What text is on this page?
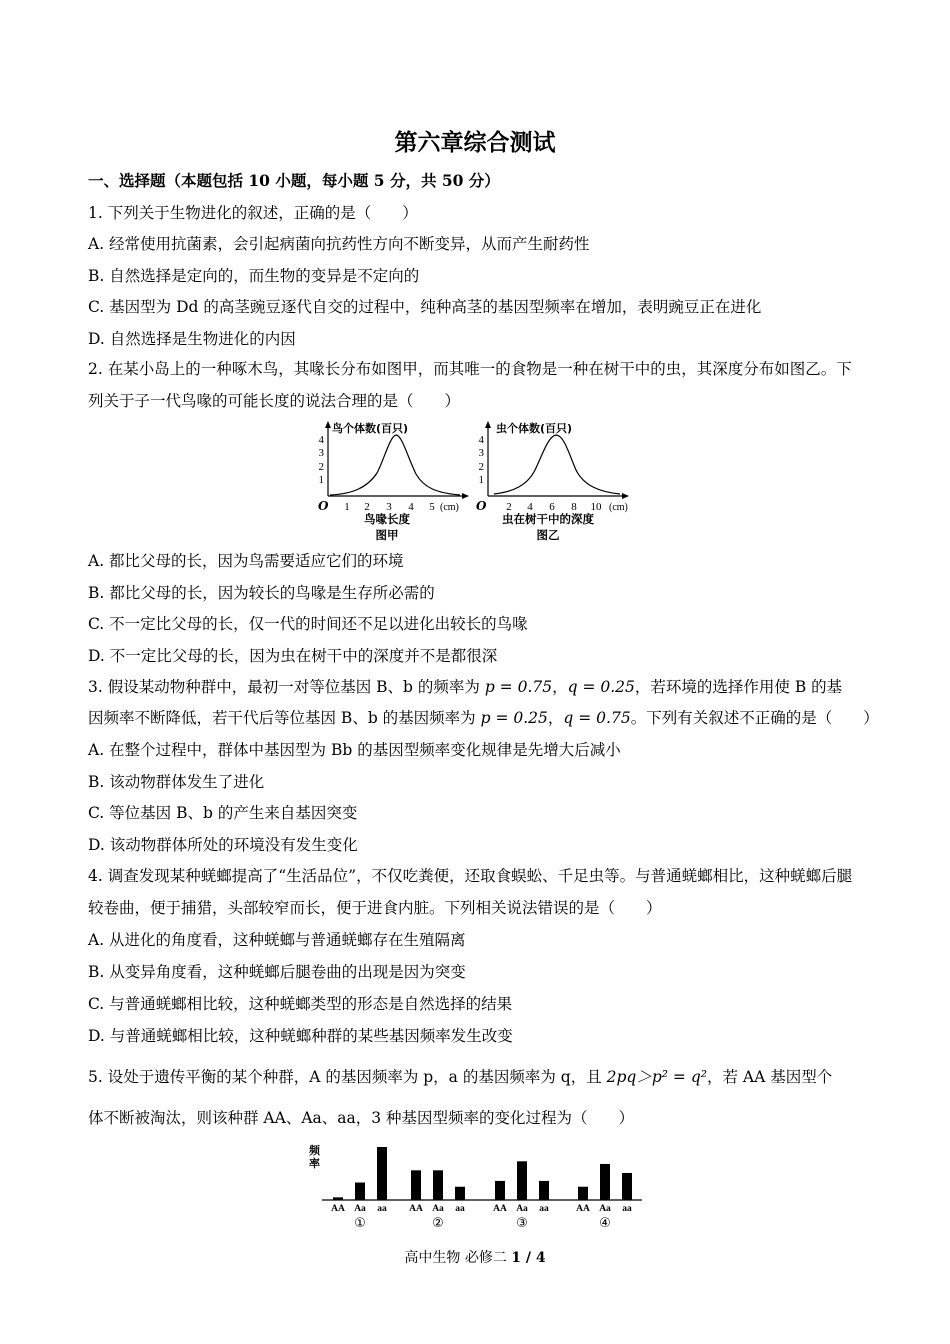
第六章综合测试
一、选择题（本题包括 10 小题，每小题 5 分，共 50 分）
1. 下列关于生物进化的叙述，正确的是（　　）
A. 经常使用抗菌素，会引起病菌向抗药性方向不断变异，从而产生耐药性
B. 自然选择是定向的，而生物的变异是不定向的
C. 基因型为 Dd 的高茎豌豆逐代自交的过程中，纯种高茎的基因型频率在增加，表明豌豆正在进化
D. 自然选择是生物进化的内因
2. 在某小岛上的一种啄木鸟，其喙长分布如图甲，而其唯一的食物是一种在树干中的虫，其深度分布如图乙。下列关于子一代鸟喙的可能长度的说法合理的是（　　）
鸟个体数(百只)
1
2
3
4
O 1 2 3 4 5 (cm)
鸟喙长度
图甲
虫个体数(百只)
1
2
3
4
O 2 4 6 8 10 (cm)
虫在树干中的深度
图乙
A. 都比父母的长，因为鸟需要适应它们的环境
B. 都比父母的长，因为较长的鸟喙是生存所必需的
C. 不一定比父母的长，仅一代的时间还不足以进化出较长的鸟喙
D. 不一定比父母的长，因为虫在树干中的深度并不是都很深
3. 假设某动物种群中，最初一对等位基因 B、b 的频率为 p = 0.75，q = 0.25，若环境的选择作用使 B 的基
因频率不断降低，若干代后等位基因 B、b 的基因频率为 p = 0.25，q = 0.75。下列有关叙述不正确的是（　　）
A. 在整个过程中，群体中基因型为 Bb 的基因型频率变化规律是先增大后减小
B. 该动物群体发生了进化
C. 等位基因 B、b 的产生来自基因突变
D. 该动物群体所处的环境没有发生变化
4. 调查发现某种蜣螂提高了“生活品位”，不仅吃粪便，还取食蜈蚣、千足虫等。与普通蜣螂相比，这种蜣螂后腿较卷曲，便于捕猎，头部较窄而长，便于进食内脏。下列相关说法错误的是（　　）
A. 从进化的角度看，这种蜣螂与普通蜣螂存在生殖隔离
B. 从变异角度看，这种蜣螂后腿卷曲的出现是因为突变
C. 与普通蜣螂相比较，这种蜣螂类型的形态是自然选择的结果
D. 与普通蜣螂相比较，这种蜣螂种群的某些基因频率发生改变
5. 设处于遗传平衡的某个种群，A 的基因频率为 p，a 的基因频率为 q，且 2pq＞p² = q²，若 AA 基因型个
体不断被淘汰，则该种群 AA、Aa、aa，3 种基因型频率的变化过程为（　　）
频率
AA Aa aa
①
AA Aa aa
②
AA Aa aa
③
AA Aa aa
④
高中生物 必修二 1 / 4
